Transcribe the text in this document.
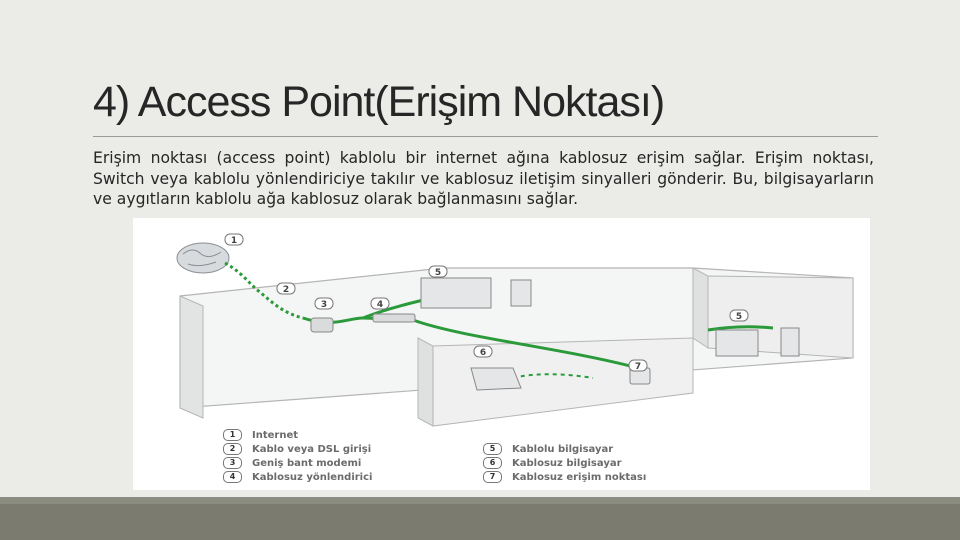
4) Access Point(Erişim Noktası)
Erişim noktası (access point) kablolu bir internet ağına kablosuz erişim sağlar. Erişim noktası, Switch veya kablolu yönlendiriciye takılır ve kablosuz iletişim sinyalleri gönderir. Bu, bilgisayarların ve aygıtların kablolu ağa kablosuz olarak bağlanmasını sağlar.
1
2
3	4
5
5
6
7
1 Internet
2 Kablo veya DSL girişi
3 Geniş bant modemi
4 Kablosuz yönlendirici
5 Kablolu bilgisayar
6 Kablosuz bilgisayar
7 Kablosuz erişim noktası
